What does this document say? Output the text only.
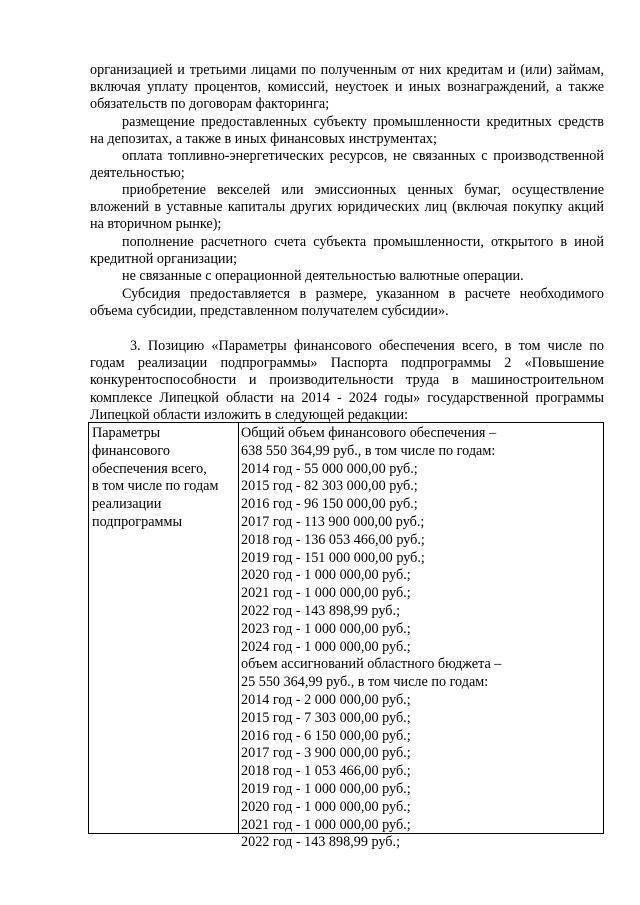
организацией и третьими лицами по полученным от них кредитам и (или) займам, включая уплату процентов, комиссий, неустоек и иных вознаграждений, а также обязательств по договорам факторинга;

размещение предоставленных субъекту промышленности кредитных средств на депозитах, а также в иных финансовых инструментах;

оплата топливно-энергетических ресурсов, не связанных с производственной деятельностью;

приобретение векселей или эмиссионных ценных бумаг, осуществление вложений в уставные капиталы других юридических лиц (включая покупку акций на вторичном рынке);

пополнение расчетного счета субъекта промышленности, открытого в иной кредитной организации;

не связанные с операционной деятельностью валютные операции.

Субсидия предоставляется в размере, указанном в расчете необходимого объема субсидии, представленном получателем субсидии».

3. Позицию «Параметры финансового обеспечения всего, в том числе по годам реализации подпрограммы» Паспорта подпрограммы 2 «Повышение конкурентоспособности и производительности труда в машиностроительном комплексе Липецкой области на 2014 - 2024 годы» государственной программы Липецкой области изложить в следующей редакции:

Параметры
финансового
обеспечения всего,
в том числе по годам
реализации
подпрограммы
Общий объем финансового обеспечения –
638 550 364,99 руб., в том числе по годам:
2014 год - 55 000 000,00 руб.;
2015 год - 82 303 000,00 руб.;
2016 год - 96 150 000,00 руб.;
2017 год - 113 900 000,00 руб.;
2018 год - 136 053 466,00 руб.;
2019 год - 151 000 000,00 руб.;
2020 год - 1 000 000,00 руб.;
2021 год - 1 000 000,00 руб.;
2022 год - 143 898,99 руб.;
2023 год - 1 000 000,00 руб.;
2024 год - 1 000 000,00 руб.;
объем ассигнований областного бюджета –
25 550 364,99 руб., в том числе по годам:
2014 год - 2 000 000,00 руб.;
2015 год - 7 303 000,00 руб.;
2016 год - 6 150 000,00 руб.;
2017 год - 3 900 000,00 руб.;
2018 год - 1 053 466,00 руб.;
2019 год - 1 000 000,00 руб.;
2020 год - 1 000 000,00 руб.;
2021 год - 1 000 000,00 руб.;
2022 год - 143 898,99 руб.;
